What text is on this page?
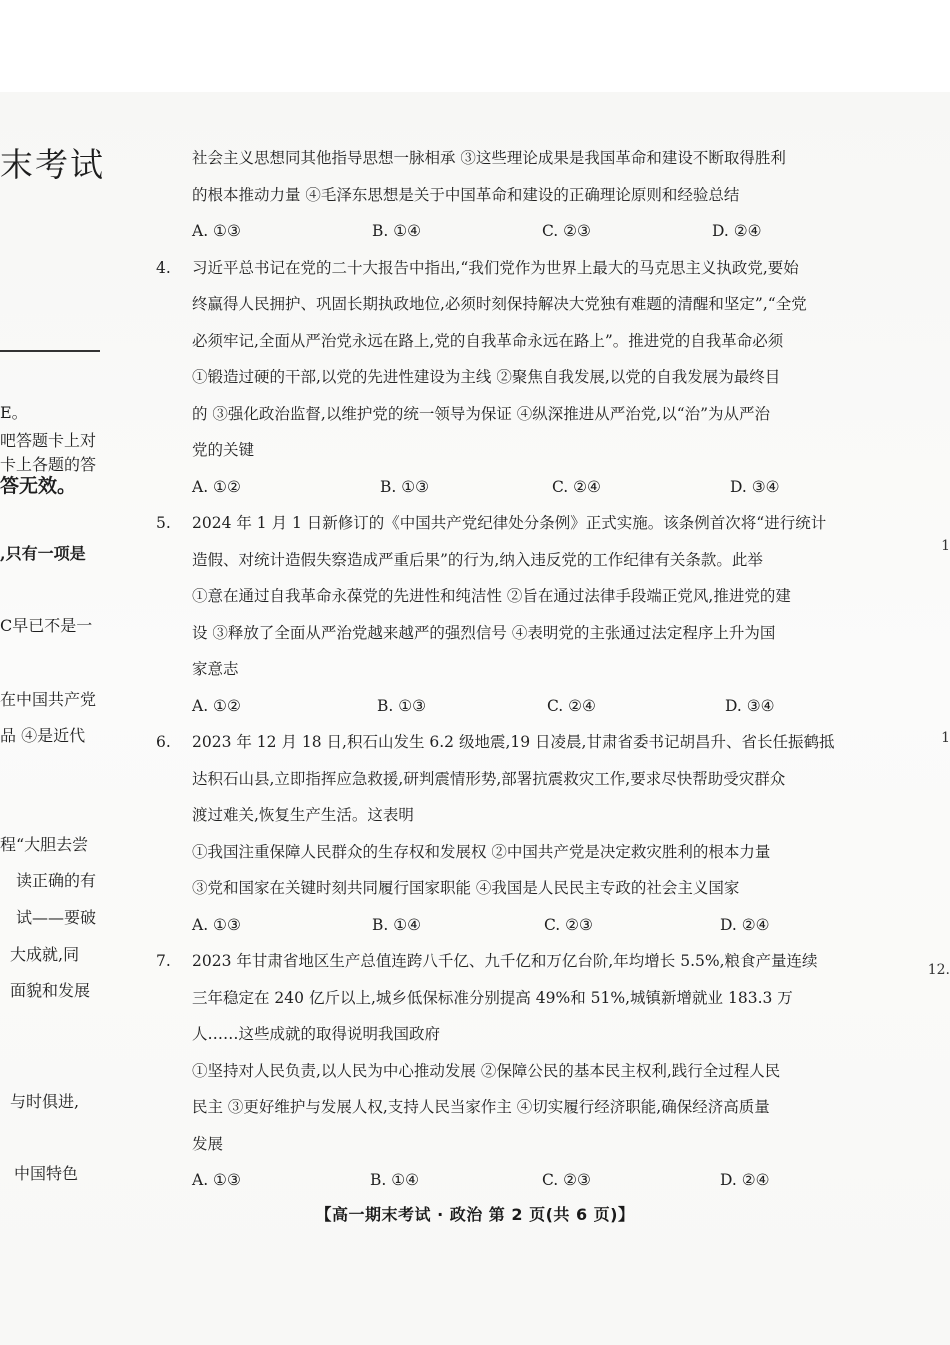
末考试
E。
吧答题卡上对
卡上各题的答
答无效。
,只有一项是
C早已不是一
在中国共产党
品 ④是近代
程“大胆去尝
读正确的有
试——要破
大成就,同
面貌和发展
与时俱进,
中国特色
1
1
12.
社会主义思想同其他指导思想一脉相承 ③这些理论成果是我国革命和建设不断取得胜利
的根本推动力量 ④毛泽东思想是关于中国革命和建设的正确理论原则和经验总结
A. ①③	B. ①④	C. ②③	D. ②④
4. 习近平总书记在党的二十大报告中指出,“我们党作为世界上最大的马克思主义执政党,要始
终赢得人民拥护、巩固长期执政地位,必须时刻保持解决大党独有难题的清醒和坚定”,“全党
必须牢记,全面从严治党永远在路上,党的自我革命永远在路上”。推进党的自我革命必须
①锻造过硬的干部,以党的先进性建设为主线 ②聚焦自我发展,以党的自我发展为最终目
的 ③强化政治监督,以维护党的统一领导为保证 ④纵深推进从严治党,以“治”为从严治
党的关键
A. ①②	B. ①③	C. ②④	D. ③④
5. 2024 年 1 月 1 日新修订的《中国共产党纪律处分条例》正式实施。该条例首次将“进行统计
造假、对统计造假失察造成严重后果”的行为,纳入违反党的工作纪律有关条款。此举
①意在通过自我革命永葆党的先进性和纯洁性 ②旨在通过法律手段端正党风,推进党的建
设 ③释放了全面从严治党越来越严的强烈信号 ④表明党的主张通过法定程序上升为国
家意志
A. ①②	B. ①③	C. ②④	D. ③④
6. 2023 年 12 月 18 日,积石山发生 6.2 级地震,19 日凌晨,甘肃省委书记胡昌升、省长任振鹤抵
达积石山县,立即指挥应急救援,研判震情形势,部署抗震救灾工作,要求尽快帮助受灾群众
渡过难关,恢复生产生活。这表明
①我国注重保障人民群众的生存权和发展权 ②中国共产党是决定救灾胜利的根本力量
③党和国家在关键时刻共同履行国家职能 ④我国是人民民主专政的社会主义国家
A. ①③	B. ①④	C. ②③	D. ②④
7. 2023 年甘肃省地区生产总值连跨八千亿、九千亿和万亿台阶,年均增长 5.5%,粮食产量连续
三年稳定在 240 亿斤以上,城乡低保标准分别提高 49%和 51%,城镇新增就业 183.3 万
人……这些成就的取得说明我国政府
①坚持对人民负责,以人民为中心推动发展 ②保障公民的基本民主权利,践行全过程人民
民主 ③更好维护与发展人权,支持人民当家作主 ④切实履行经济职能,确保经济高质量
发展
A. ①③	B. ①④	C. ②③	D. ②④
【高一期末考试 · 政治 第 2 页(共 6 页)】
